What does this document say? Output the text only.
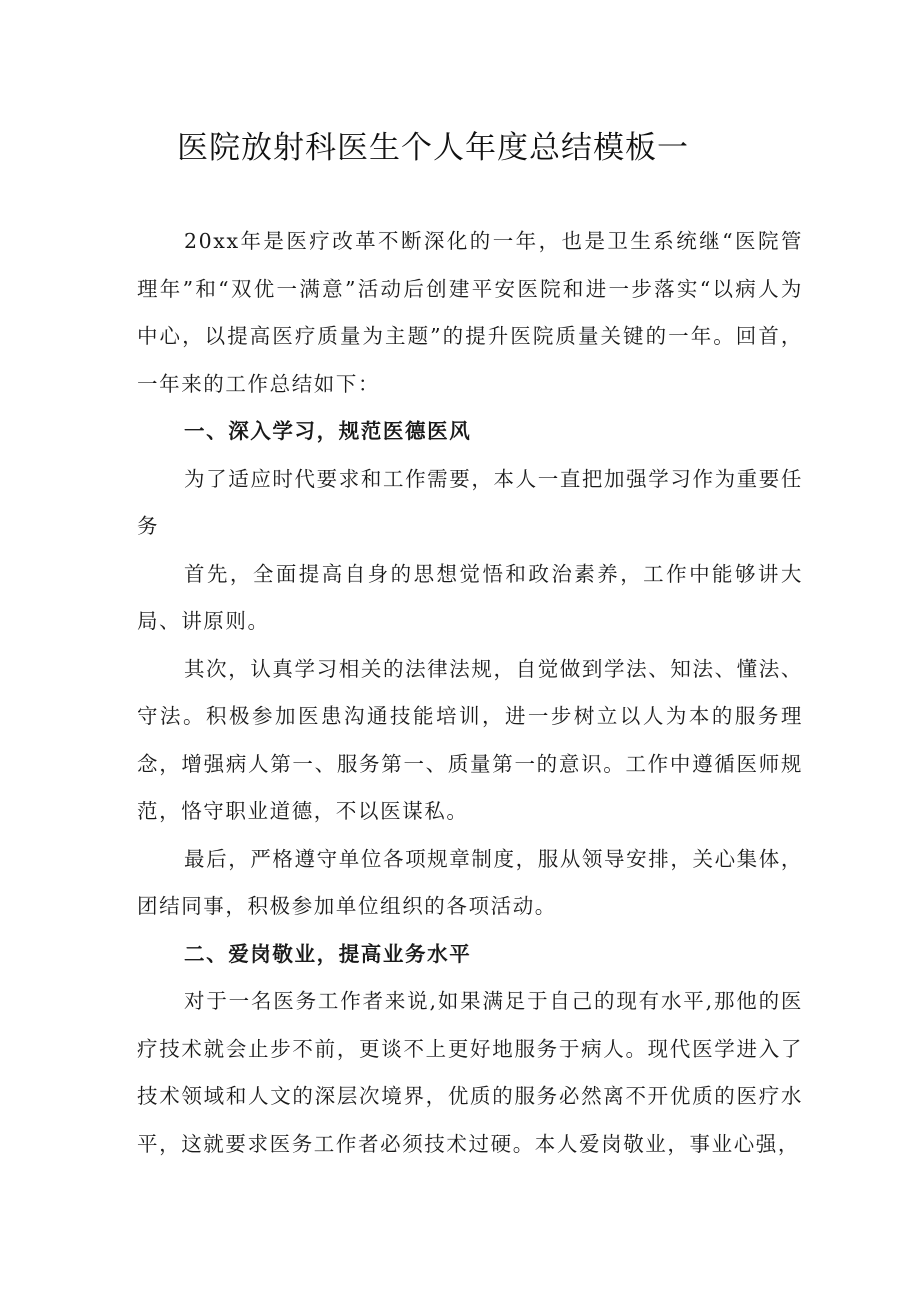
医院放射科医生个人年度总结模板一

20xx年是医疗改革不断深化的一年，也是卫生系统继“医院管理年”和“双优一满意”活动后创建平安医院和进一步落实“以病人为中心，以提高医疗质量为主题”的提升医院质量关键的一年。回首，一年来的工作总结如下：

一、深入学习，规范医德医风

为了适应时代要求和工作需要，本人一直把加强学习作为重要任务

首先，全面提高自身的思想觉悟和政治素养，工作中能够讲大局、讲原则。

其次，认真学习相关的法律法规，自觉做到学法、知法、懂法、守法。积极参加医患沟通技能培训，进一步树立以人为本的服务理念，增强病人第一、服务第一、质量第一的意识。工作中遵循医师规范，恪守职业道德，不以医谋私。

最后，严格遵守单位各项规章制度，服从领导安排，关心集体，团结同事，积极参加单位组织的各项活动。

二、爱岗敬业，提高业务水平

对于一名医务工作者来说,如果满足于自己的现有水平,那他的医疗技术就会止步不前，更谈不上更好地服务于病人。现代医学进入了技术领域和人文的深层次境界，优质的服务必然离不开优质的医疗水平，这就要求医务工作者必须技术过硬。本人爱岗敬业，事业心强，
